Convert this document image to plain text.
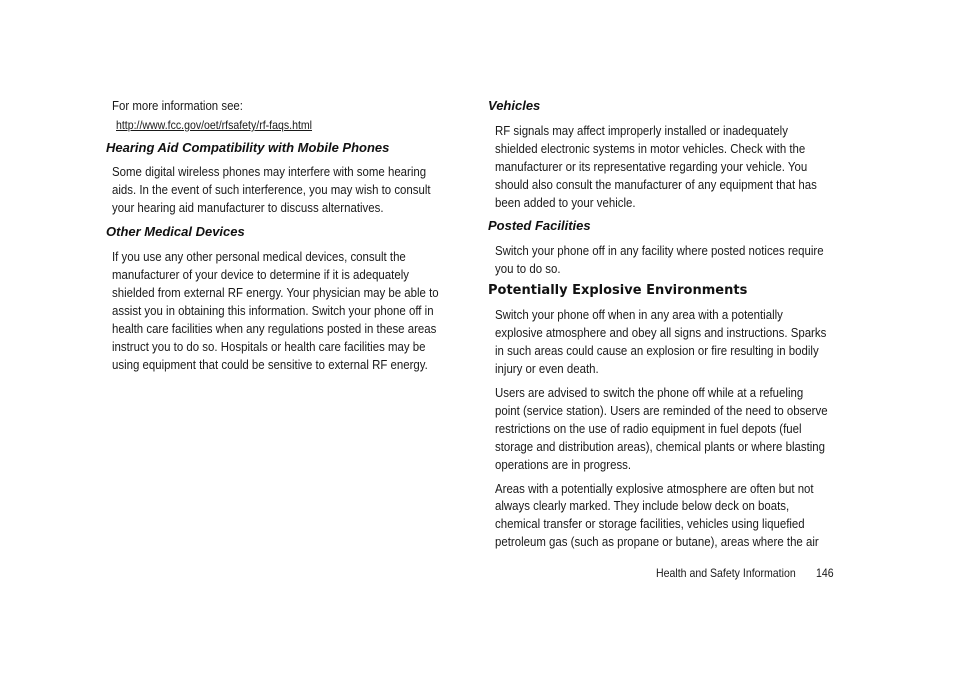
For more information see:

http://www.fcc.gov/oet/rfsafety/rf-faqs.html
Hearing Aid Compatibility with Mobile Phones

Some digital wireless phones may interfere with some hearing

aids. In the event of such interference, you may wish to consult

your hearing aid manufacturer to discuss alternatives.

Other Medical Devices

If you use any other personal medical devices, consult the

manufacturer of your device to determine if it is adequately

shielded from external RF energy. Your physician may be able to

assist you in obtaining this information. Switch your phone off in

health care facilities when any regulations posted in these areas

instruct you to do so. Hospitals or health care facilities may be

using equipment that could be sensitive to external RF energy.

Vehicles

RF signals may affect improperly installed or inadequately

shielded electronic systems in motor vehicles. Check with the

manufacturer or its representative regarding your vehicle. You

should also consult the manufacturer of any equipment that has

been added to your vehicle.

Posted Facilities

Switch your phone off in any facility where posted notices require

you to do so.

Potentially Explosive Environments

Switch your phone off when in any area with a potentially

explosive atmosphere and obey all signs and instructions. Sparks

in such areas could cause an explosion or fire resulting in bodily

injury or even death.

Users are advised to switch the phone off while at a refueling

point (service station). Users are reminded of the need to observe

restrictions on the use of radio equipment in fuel depots (fuel

storage and distribution areas), chemical plants or where blasting

operations are in progress.

Areas with a potentially explosive atmosphere are often but not

always clearly marked. They include below deck on boats,

chemical transfer or storage facilities, vehicles using liquefied

petroleum gas (such as propane or butane), areas where the air

Health and Safety Information 146
